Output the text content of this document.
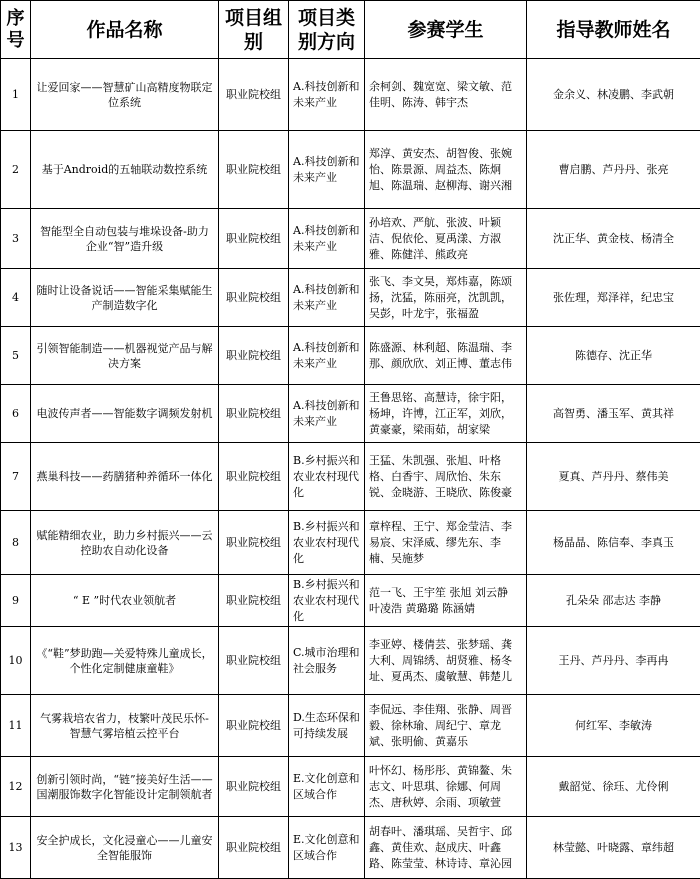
序号	作品名称	项目组别	项目类别方向	参赛学生	指导教师姓名
1	让爱回家——智慧矿山高精度物联定位系统	职业院校组	A.科技创新和未来产业	余柯剑、魏宽宽、梁文敏、范佳明、陈涛、韩宇杰	金余义、林凌鹏、李武朝
2	基于Android的五轴联动数控系统	职业院校组	A.科技创新和未来产业	郑淳、黄安杰、胡智俊、张婉怡、陈景源、周益杰、陈炯旭、陈温瑞、赵柳海、谢兴湘	曹启鹏、芦丹丹、张亮
3	智能型全自动包装与堆垛设备-助力企业“智”造升级	职业院校组	A.科技创新和未来产业	孙培欢、严航、张波、叶颖洁、倪依伦、夏禹漾、方淑雅、陈健洋、熊政亮	沈正华、黄金枝、杨清全
4	随时让设备说话——智能采集赋能生产制造数字化	职业院校组	A.科技创新和未来产业	张飞、李文昊，郑炜嘉，陈颂扬，沈猛，陈丽亮，沈凯凯，吴彭，叶龙宇，张福盈	张佐理，郑泽祥，纪忠宝
5	引领智能制造——机器视觉产品与解决方案	职业院校组	A.科技创新和未来产业	陈盛源、林利超、陈温瑞、李那、颜欣欣、刘正博、董志伟	陈德存、沈正华
6	电波传声者——智能数字调频发射机	职业院校组	A.科技创新和未来产业	王鲁思铭、高慧诗，徐宇阳，杨坤，许博，江正军，刘欣，黄豪豪，梁雨茹，胡家梁	高智勇、潘玉军、黄其祥
7	燕巢科技——药膳猪种养循环一体化	职业院校组	B.乡村振兴和农业农村现代化	王猛、朱凯强、张旭、叶格格、白香宇、周欣怡、朱东锐、金晓游、王晓欣、陈俊豪	夏真、芦丹丹、蔡伟美
8	赋能精细农业，助力乡村振兴——云控助农自动化设备	职业院校组	B.乡村振兴和农业农村现代化	章梓程、王宁、郑金莹洁、李易宸、宋泽威、缪先东、李楠、吴施梦	杨晶晶、陈信奉、李真玉
9	“ E ”时代农业领航者	职业院校组	B.乡村振兴和农业农村现代化	范一飞、王宇笙 张旭 刘云静 叶凌浩 黄璐璐 陈涵婧	孔朵朵 邵志达 李静
10	《“鞋”梦助跑—关爱特殊儿童成长，个性化定制健康童鞋》	职业院校组	C.城市治理和社会服务	李亚婷、楼倩芸、张梦瑶、龚大利、周锦绣、胡贤雅、杨冬址、夏禹杰、虞敏慧、韩楚儿	王丹、芦丹丹、李再冉
11	气雾栽培农省力，枝繁叶茂民乐怀-智慧气雾培植云控平台	职业院校组	D.生态环保和可持续发展	李侃远、李佳翔、张静、周晋毅、徐林瑜、周纪宁、章龙斌、张明偷、黄嘉乐	何红军、李敏涛
12	创新引领时尚，“链”接美好生活——国潮服饰数字化智能设计定制领航者	职业院校组	E.文化创意和区域合作	叶怀幻、杨彤彤、黄锦鳌、朱志文、叶思琪、徐娜、何周杰、唐秋婷、余雨、项敏萱	戴韶觉、徐珏、尤伶俐
13	安全护成长，文化浸童心——儿童安全智能服饰	职业院校组	E.文化创意和区域合作	胡春叶、潘琪瑶、吴哲宇、邱鑫、黄佳欢、赵成庆、叶鑫路、陈莹莹、林诗诗、章沁园	林莹懿、叶晓露、章纬超
